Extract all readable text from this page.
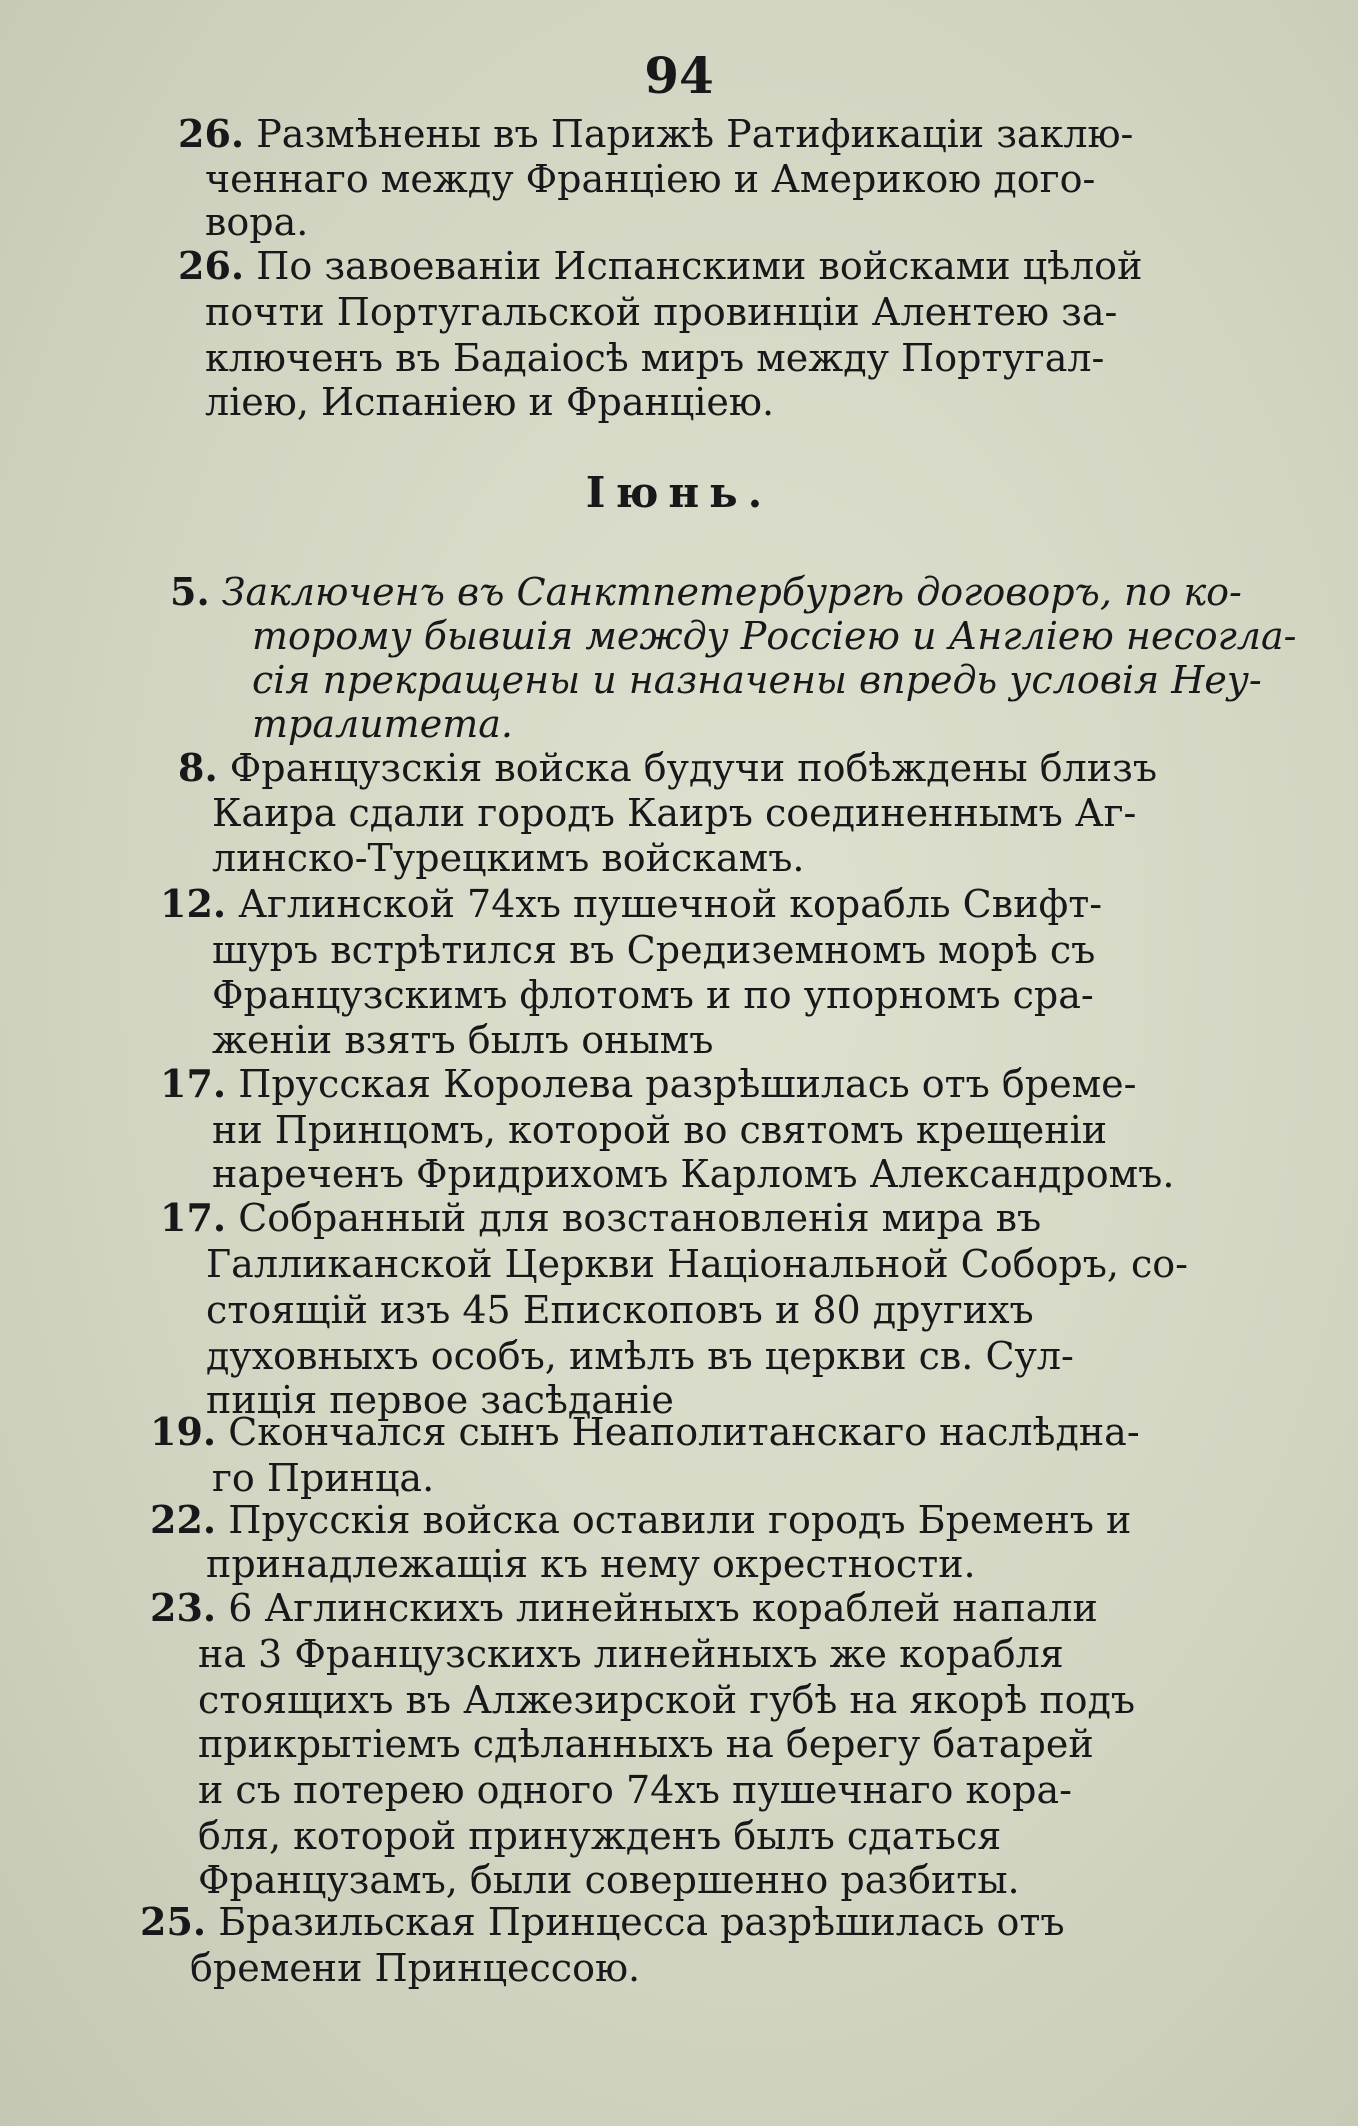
94
26. Размѣнены въ Парижѣ Ратификаціи заклю-
ченнаго между Франціею и Америкою дого-
вора.
26. По завоеваніи Испанскими войсками цѣлой
почти Португальской провинціи Алентею за-
ключенъ въ Бадаіосѣ миръ между Португал-
ліею, Испаніею и Франціею.
Іюнь.
5. Заключенъ въ Санктпетербургѣ договоръ, по ко-
торому бывшія между Россіею и Англіею несогла-
сія прекращены и назначены впредь условія Неу-
тралитета.
8. Французскія войска будучи побѣждены близъ
Каира сдали городъ Каиръ соединеннымъ Аг-
линско-Турецкимъ войскамъ.
12. Аглинской 74хъ пушечной корабль Свифт-
шуръ встрѣтился въ Средиземномъ морѣ съ
Французскимъ флотомъ и по упорномъ сра-
женіи взятъ былъ онымъ
17. Прусская Королева разрѣшилась отъ бреме-
ни Принцомъ, которой во святомъ крещеніи
нареченъ Фридрихомъ Карломъ Александромъ.
17. Собранный для возстановленія мира въ
Галликанской Церкви Національной Соборъ, со-
стоящій изъ 45 Епископовъ и 80 другихъ
духовныхъ особъ, имѣлъ въ церкви св. Сул-
пиція первое засѣданіе
19. Скончался сынъ Неаполитанскаго наслѣдна-
го Принца.
22. Прусскія войска оставили городъ Бременъ и
принадлежащія къ нему окрестности.
23. 6 Аглинскихъ линейныхъ кораблей напали
на 3 Французскихъ линейныхъ же корабля
стоящихъ въ Алжезирской губѣ на якорѣ подъ
прикрытіемъ сдѣланныхъ на берегу батарей
и съ потерею одного 74хъ пушечнаго кора-
бля, которой принужденъ былъ сдаться
Французамъ, были совершенно разбиты.
25. Бразильская Принцесса разрѣшилась отъ
бремени Принцессою.
